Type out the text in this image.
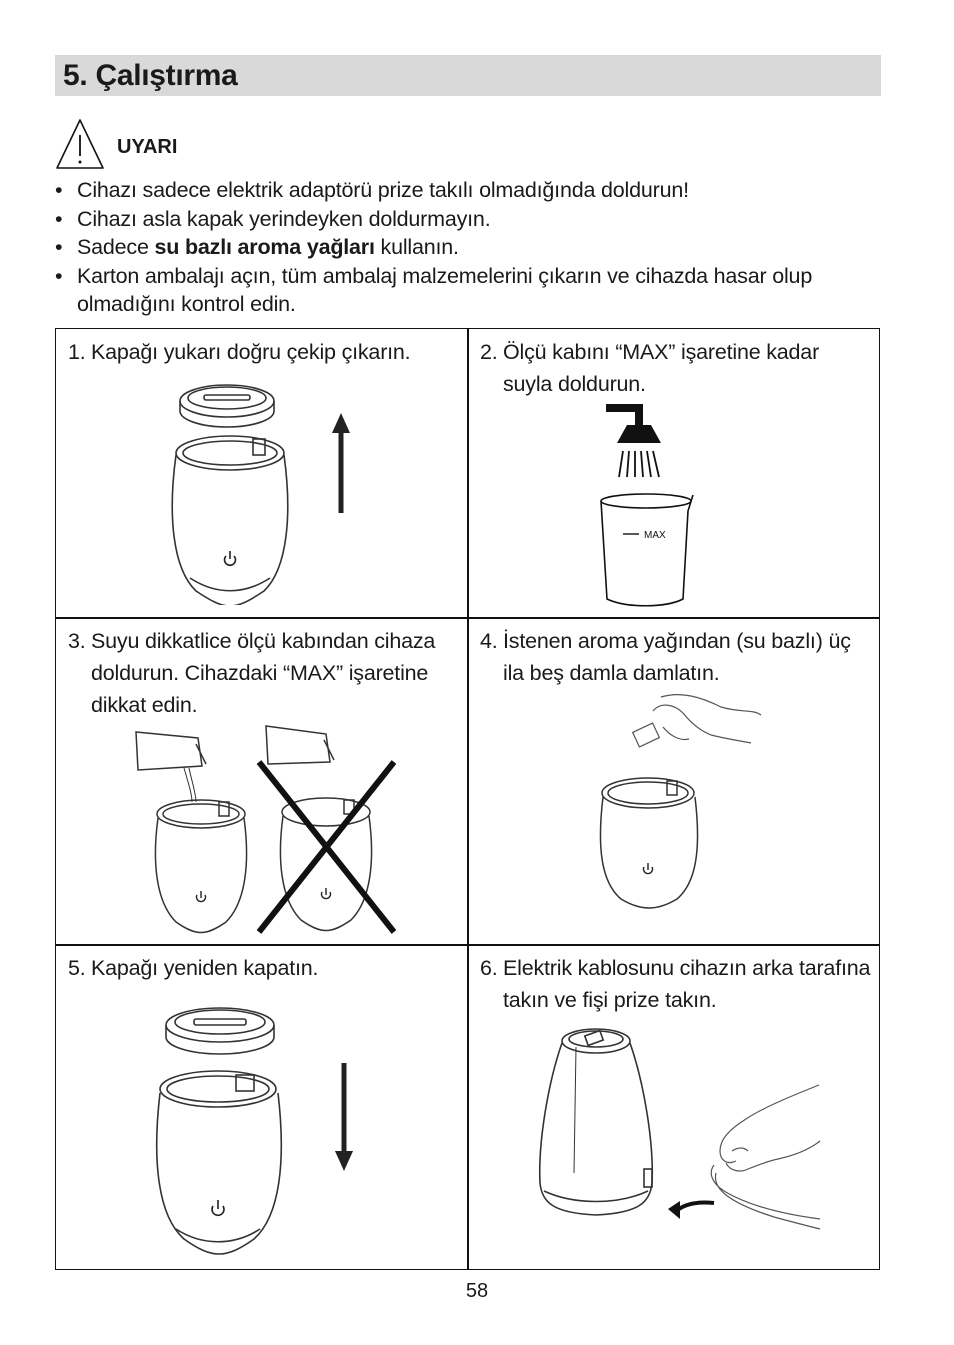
5. Çalıştırma
UYARI
• Cihazı sadece elektrik adaptörü prize takılı olmadığında doldurun!
• Cihazı asla kapak yerindeyken doldurmayın.
• Sadece su bazlı aroma yağları kullanın.
• Karton ambalajı açın, tüm ambalaj malzemelerini çıkarın ve cihazda hasar olup olmadığını kontrol edin.
1. Kapağı yukarı doğru çekip çıkarın.	2. Ölçü kabını “MAX” işaretine kadar suyla doldurun.
MAX
3. Suyu dikkatlice ölçü kabından cihaza doldurun. Cihazdaki “MAX” işaretine dikkat edin.
4. İstenen aroma yağından (su bazlı) üç ila beş damla damlatın.
5. Kapağı yeniden kapatın.	6. Elektrik kablosunu cihazın arka tarafına takın ve fişi prize takın.
58
